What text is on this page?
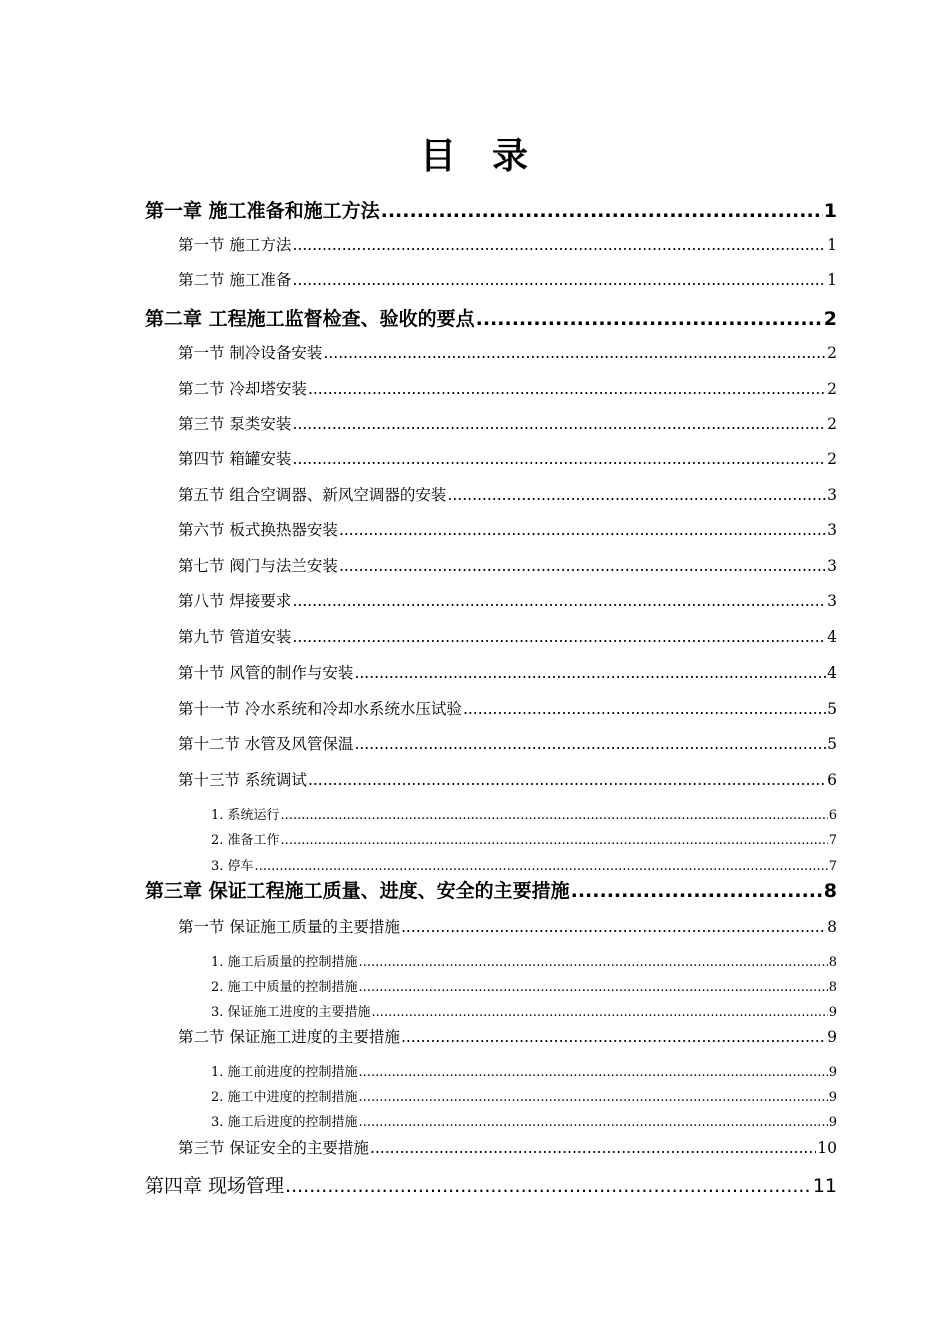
目 录
第一章 施工准备和施工方法 .....	1
第一节 施工方法 .....	1
第二节 施工准备 .....	1
第二章 工程施工监督检查、验收的要点 .....	2
第一节 制冷设备安装 .....	2
第二节 冷却塔安装 .....	2
第三节 泵类安装 .....	2
第四节 箱罐安装 .....	2
第五节 组合空调器、新风空调器的安装 .....	3
第六节 板式换热器安装 .....	3
第七节 阀门与法兰安装 .....	3
第八节 焊接要求 .....	3
第九节 管道安装 .....	4
第十节 风管的制作与安装 .....	4
第十一节 冷水系统和冷却水系统水压试验 .....	5
第十二节 水管及风管保温 .....	5
第十三节 系统调试 .....	6
1. 系统运行 .....	6
2. 准备工作 .....	7
3. 停车 .....	7
第三章 保证工程施工质量、进度、安全的主要措施 .....	8
第一节 保证施工质量的主要措施 .....	8
1. 施工后质量的控制措施 .....	8
2. 施工中质量的控制措施 .....	8
3. 保证施工进度的主要措施 .....	9
第二节 保证施工进度的主要措施 .....	9
1. 施工前进度的控制措施 .....	9
2. 施工中进度的控制措施 .....	9
3. 施工后进度的控制措施 .....	9
第三节 保证安全的主要措施 .....	10
第四章 现场管理 .....	11
